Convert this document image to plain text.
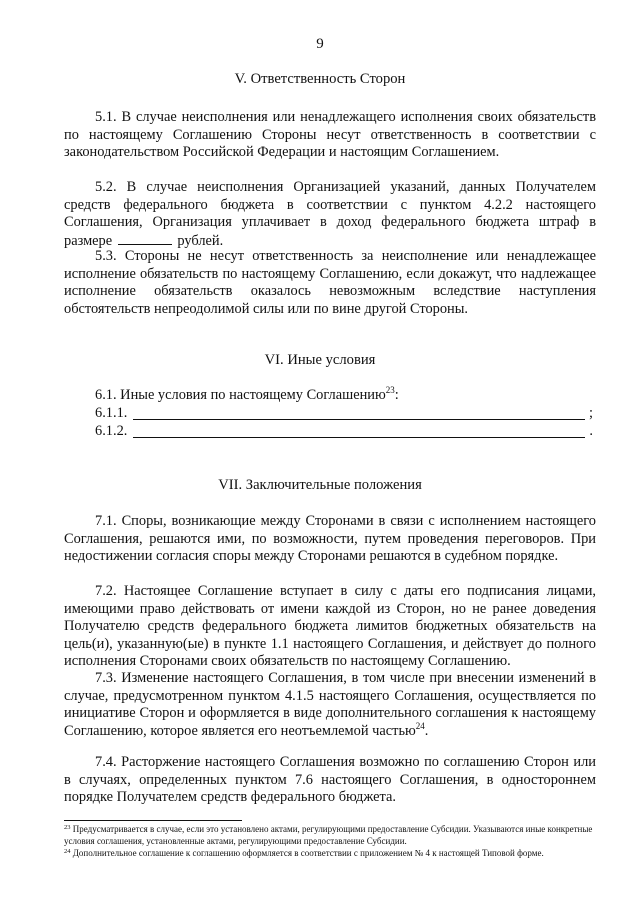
9
V. Ответственность Сторон

5.1. В случае неисполнения или ненадлежащего исполнения своих обязательств по настоящему Соглашению Стороны несут ответственность в соответствии с законодательством Российской Федерации и настоящим Соглашением.

5.2. В случае неисполнения Организацией указаний, данных Получателем средств федерального бюджета в соответствии с пунктом 4.2.2 настоящего Соглашения, Организация уплачивает в доход федерального бюджета штраф в размере	рублей.

5.3. Стороны не несут ответственность за неисполнение или ненадлежащее исполнение обязательств по настоящему Соглашению, если докажут, что надлежащее исполнение обязательств оказалось невозможным вследствие наступления обстоятельств непреодолимой силы или по вине другой Стороны.

VI. Иные условия

6.1. Иные условия по настоящему Соглашению$^{23}$:

6.1.1.	;
6.1.2.	.
VII. Заключительные положения

7.1. Споры, возникающие между Сторонами в связи с исполнением настоящего Соглашения, решаются ими, по возможности, путем проведения переговоров. При недостижении согласия споры между Сторонами решаются в судебном порядке.

7.2. Настоящее Соглашение вступает в силу с даты его подписания лицами, имеющими право действовать от имени каждой из Сторон, но не ранее доведения Получателю средств федерального бюджета лимитов бюджетных обязательств на цель(и), указанную(ые) в пункте 1.1 настоящего Соглашения, и действует до полного исполнения Сторонами своих обязательств по настоящему Соглашению.

7.3. Изменение настоящего Соглашения, в том числе при внесении изменений в случае, предусмотренном пунктом 4.1.5 настоящего Соглашения, осуществляется по инициативе Сторон и оформляется в виде дополнительного соглашения к настоящему Соглашению, которое является его неотъемлемой частью$^{24}$.

7.4. Расторжение настоящего Соглашения возможно по соглашению Сторон или в случаях, определенных пунктом 7.6 настоящего Соглашения, в одностороннем порядке Получателем средств федерального бюджета.

$^{23}$ Предусматривается в случае, если это установлено актами, регулирующими предоставление Субсидии. Указываются иные конкретные условия соглашения, установленные актами, регулирующими предоставление Субсидии.

$^{24}$ Дополнительное соглашение к соглашению оформляется в соответствии с приложением № 4 к настоящей Типовой форме.
